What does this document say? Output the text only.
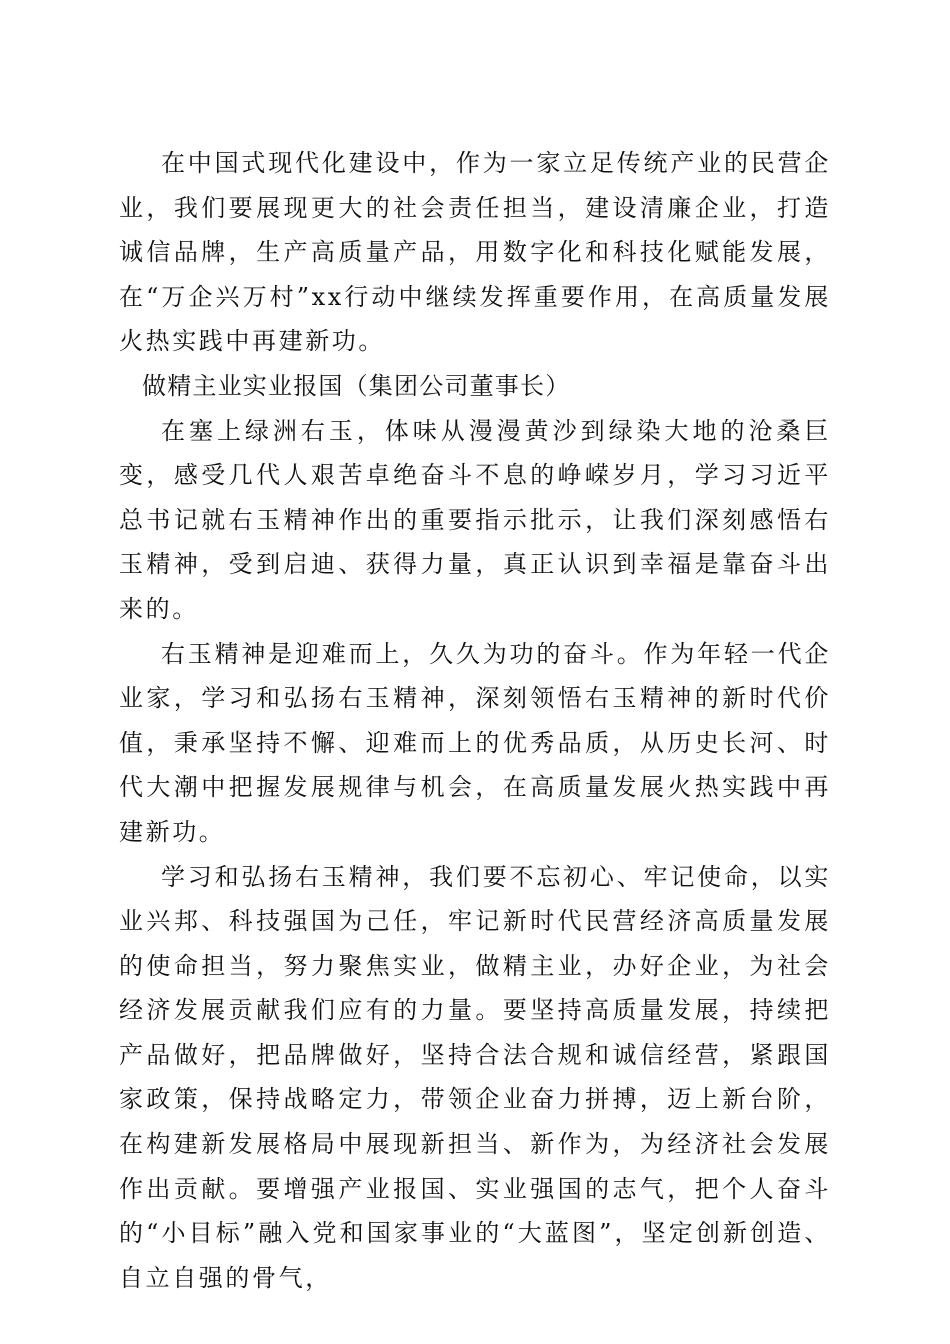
在中国式现代化建设中，作为一家立足传统产业的民营企业，我们要展现更大的社会责任担当，建设清廉企业，打造诚信品牌，生产高质量产品，用数字化和科技化赋能发展，在“万企兴万村”xx行动中继续发挥重要作用，在高质量发展火热实践中再建新功。

做精主业实业报国（集团公司董事长）

在塞上绿洲右玉，体味从漫漫黄沙到绿染大地的沧桑巨变，感受几代人艰苦卓绝奋斗不息的峥嵘岁月，学习习近平总书记就右玉精神作出的重要指示批示，让我们深刻感悟右玉精神，受到启迪、获得力量，真正认识到幸福是靠奋斗出来的。

右玉精神是迎难而上，久久为功的奋斗。作为年轻一代企业家，学习和弘扬右玉精神，深刻领悟右玉精神的新时代价值，秉承坚持不懈、迎难而上的优秀品质，从历史长河、时代大潮中把握发展规律与机会，在高质量发展火热实践中再建新功。

学习和弘扬右玉精神，我们要不忘初心、牢记使命，以实业兴邦、科技强国为己任，牢记新时代民营经济高质量发展的使命担当，努力聚焦实业，做精主业，办好企业，为社会经济发展贡献我们应有的力量。要坚持高质量发展，持续把产品做好，把品牌做好，坚持合法合规和诚信经营，紧跟国家政策，保持战略定力，带领企业奋力拼搏，迈上新台阶，在构建新发展格局中展现新担当、新作为，为经济社会发展作出贡献。要增强产业报国、实业强国的志气，把个人奋斗的“小目标”融入党和国家事业的“大蓝图”，坚定创新创造、自立自强的骨气，
